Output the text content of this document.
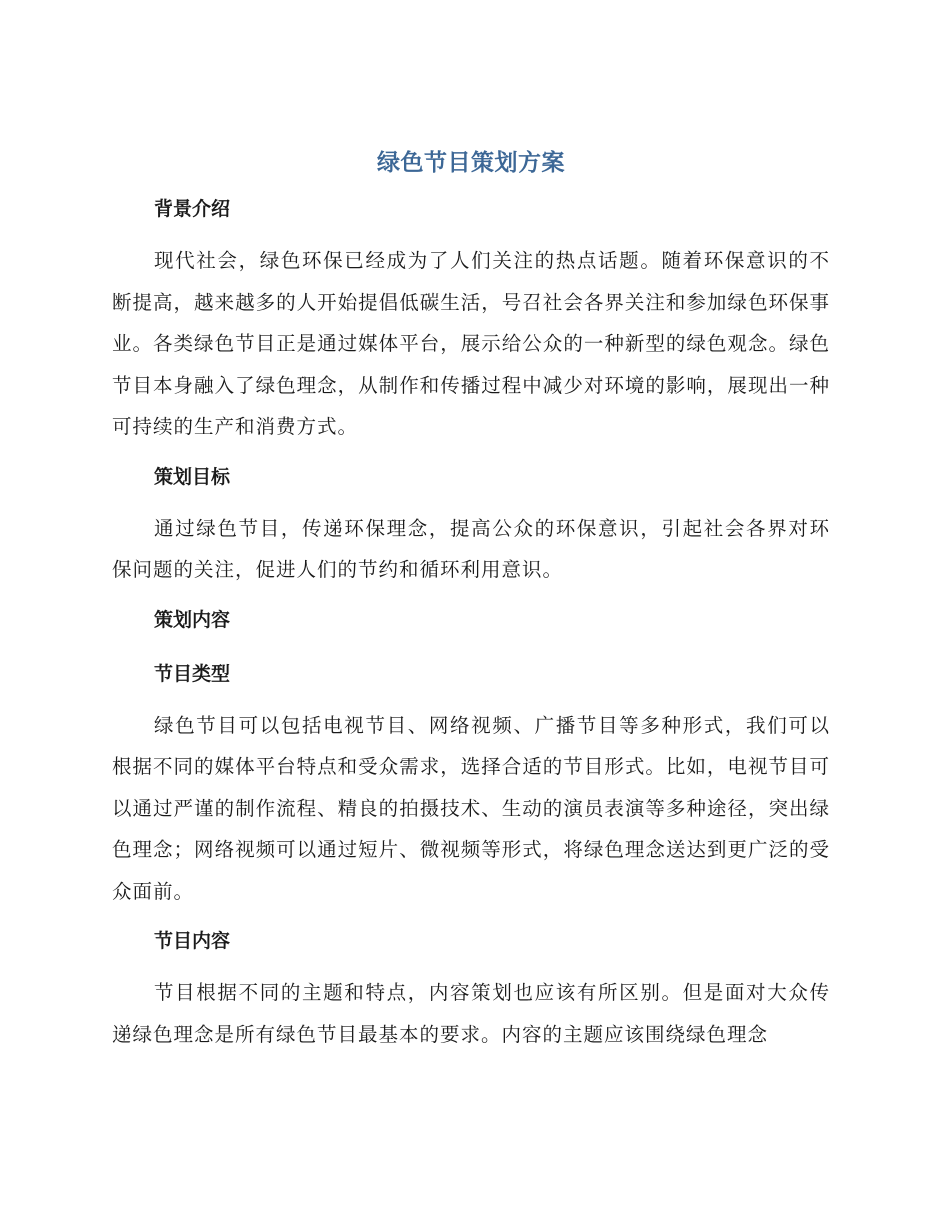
绿色节目策划方案
背景介绍

现代社会，绿色环保已经成为了人们关注的热点话题。随着环保意识的不断提高，越来越多的人开始提倡低碳生活，号召社会各界关注和参加绿色环保事业。各类绿色节目正是通过媒体平台，展示给公众的一种新型的绿色观念。绿色节目本身融入了绿色理念，从制作和传播过程中减少对环境的影响，展现出一种可持续的生产和消费方式。

策划目标

通过绿色节目，传递环保理念，提高公众的环保意识，引起社会各界对环保问题的关注，促进人们的节约和循环利用意识。

策划内容
节目类型

绿色节目可以包括电视节目、网络视频、广播节目等多种形式，我们可以根据不同的媒体平台特点和受众需求，选择合适的节目形式。比如，电视节目可以通过严谨的制作流程、精良的拍摄技术、生动的演员表演等多种途径，突出绿色理念；网络视频可以通过短片、微视频等形式，将绿色理念送达到更广泛的受众面前。

节目内容

节目根据不同的主题和特点，内容策划也应该有所区别。但是面对大众传递绿色理念是所有绿色节目最基本的要求。内容的主题应该围绕绿色理念
